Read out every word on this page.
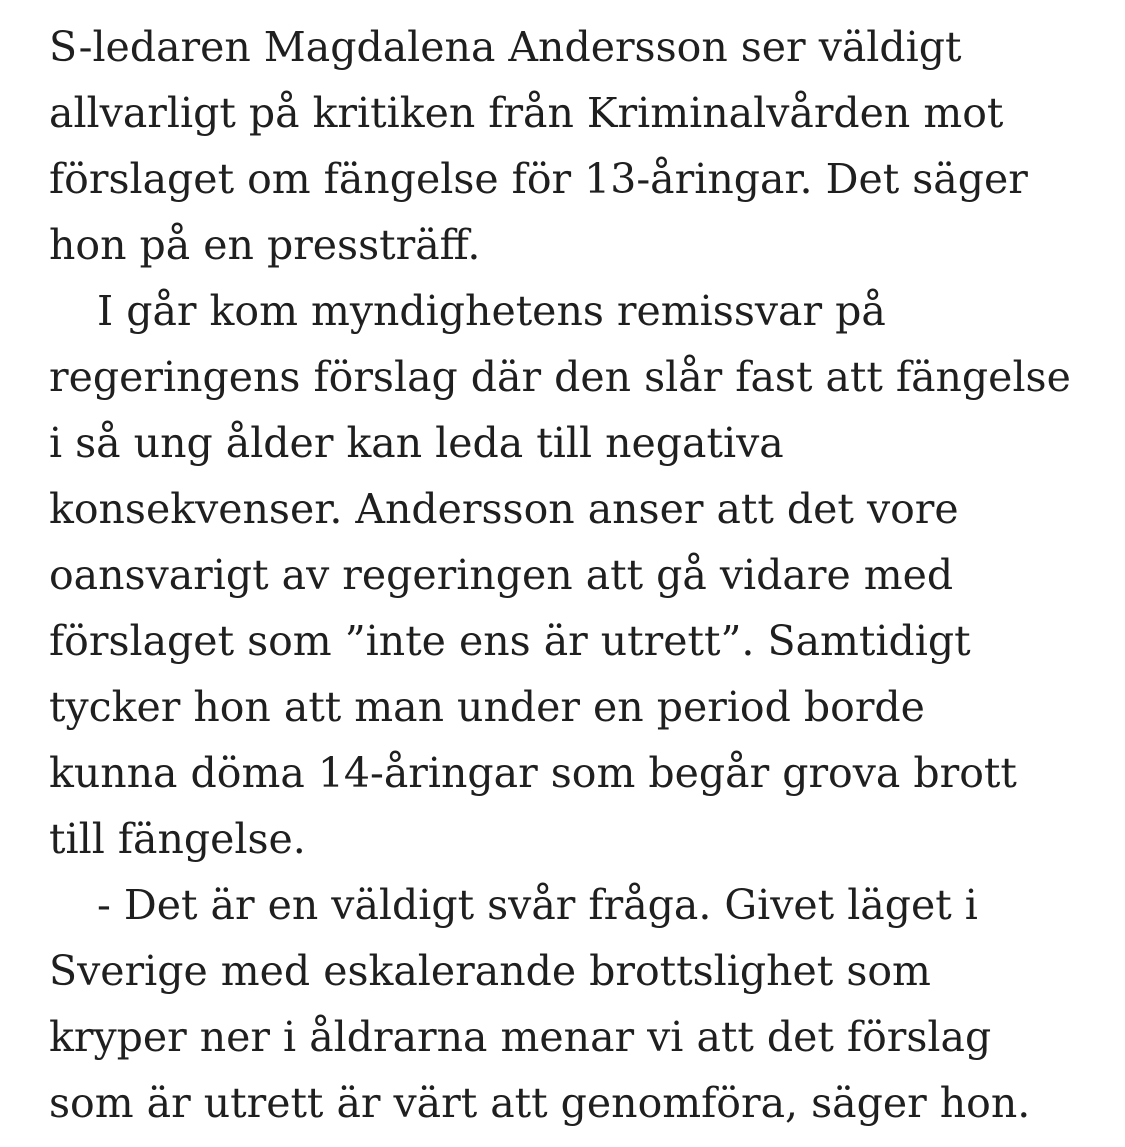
S-ledaren Magdalena Andersson ser väldigt
allvarligt på kritiken från Kriminalvården mot
förslaget om fängelse för 13-åringar. Det säger
hon på en pressträff.
I går kom myndighetens remissvar på
regeringens förslag där den slår fast att fängelse
i så ung ålder kan leda till negativa
konsekvenser. Andersson anser att det vore
oansvarigt av regeringen att gå vidare med
förslaget som ”inte ens är utrett”. Samtidigt
tycker hon att man under en period borde
kunna döma 14-åringar som begår grova brott
till fängelse.
- Det är en väldigt svår fråga. Givet läget i
Sverige med eskalerande brottslighet som
kryper ner i åldrarna menar vi att det förslag
som är utrett är värt att genomföra, säger hon.
